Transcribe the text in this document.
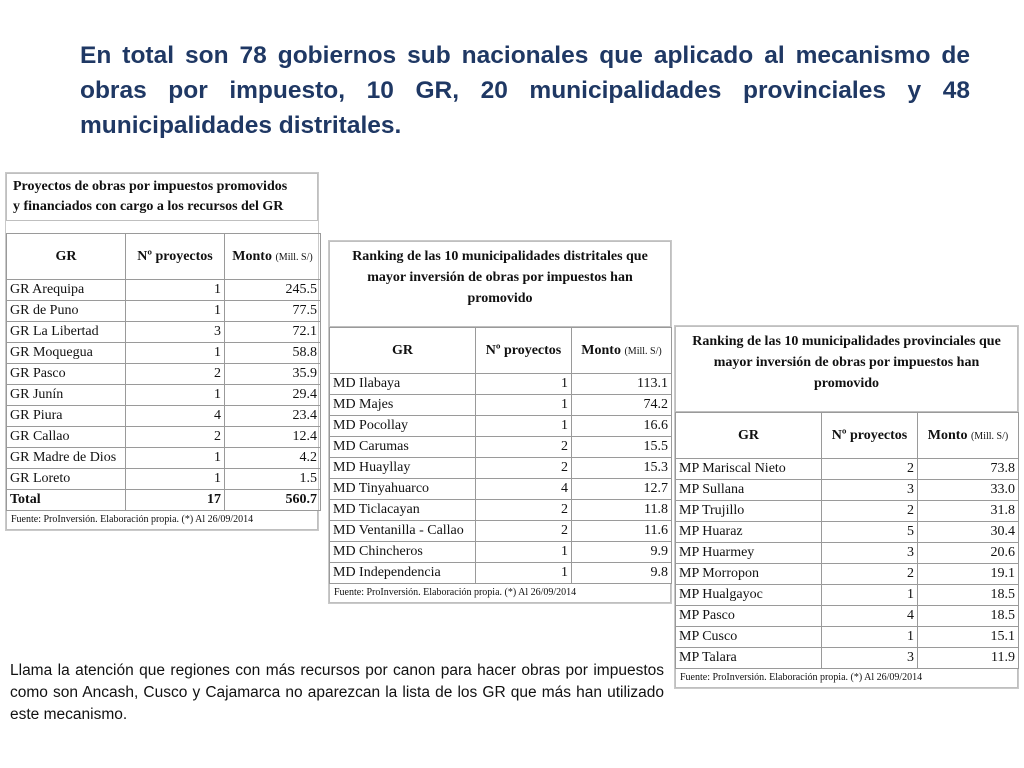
En total son 78 gobiernos sub nacionales que aplicado al mecanismo de obras por impuesto, 10 GR, 20 municipalidades provinciales y 48 municipalidades distritales.
Proyectos de obras por impuestos promovidos
y financiados con cargo a los recursos del GR
GR	Nº proyectos	Monto (Mill. S/)
GR Arequipa	1	245.5
GR de Puno	1	77.5
GR La Libertad	3	72.1
GR Moquegua	1	58.8
GR Pasco	2	35.9
GR Junín	1	29.4
GR Piura	4	23.4
GR Callao	2	12.4
GR Madre de Dios	1	4.2
GR Loreto	1	1.5
Total	17	560.7
Fuente: ProInversión. Elaboración propia. (*) Al 26/09/2014
Ranking de las 10 municipalidades distritales que mayor inversión de obras por impuestos han promovido
GR	Nº proyectos	Monto (Mill. S/)
MD Ilabaya	1	113.1
MD Majes	1	74.2
MD Pocollay	1	16.6
MD Carumas	2	15.5
MD Huayllay	2	15.3
MD Tinyahuarco	4	12.7
MD Ticlacayan	2	11.8
MD Ventanilla - Callao	2	11.6
MD Chincheros	1	9.9
MD Independencia	1	9.8
Fuente: ProInversión. Elaboración propia. (*) Al 26/09/2014
Ranking de las 10 municipalidades provinciales que mayor inversión de obras por impuestos han promovido
GR	Nº proyectos	Monto (Mill. S/)
MP Mariscal Nieto	2	73.8
MP Sullana	3	33.0
MP Trujillo	2	31.8
MP Huaraz	5	30.4
MP Huarmey	3	20.6
MP Morropon	2	19.1
MP Hualgayoc	1	18.5
MP Pasco	4	18.5
MP Cusco	1	15.1
MP Talara	3	11.9
Fuente: ProInversión. Elaboración propia. (*) Al 26/09/2014
Llama la atención que regiones con más recursos por canon para hacer obras por impuestos como son Ancash, Cusco y Cajamarca no aparezcan la lista de los GR que más han utilizado este mecanismo.
